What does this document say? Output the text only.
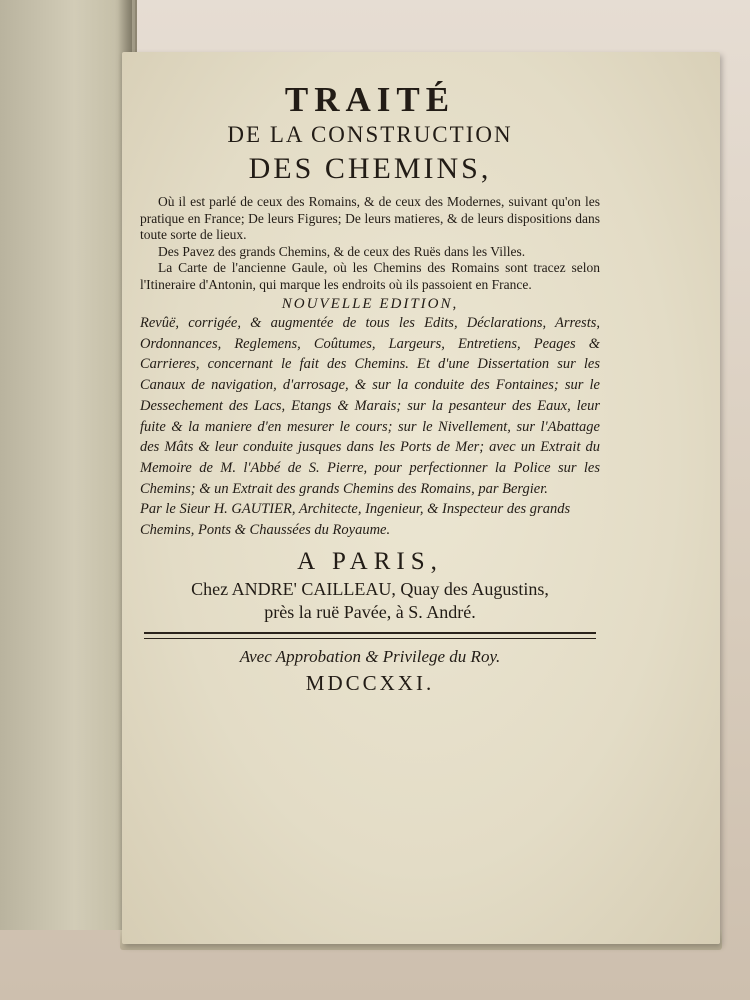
TRAITÉ
DE LA CONSTRUCTION
DES CHEMINS,

Où il est parlé de ceux des Romains, & de ceux des Modernes, suivant qu'on les pratique en France; De leurs Figures; De leurs matieres, & de leurs dispositions dans toute sorte de lieux.

Des Pavez des grands Chemins, & de ceux des Ruës dans les Villes.

La Carte de l'ancienne Gaule, où les Chemins des Romains sont tracez selon l'Itineraire d'Antonin, qui marque les endroits où ils passoient en France.

NOUVELLE EDITION,

Revûë, corrigée, & augmentée de tous les Edits, Déclarations, Arrests, Ordonnances, Reglemens, Coûtumes, Largeurs, Entretiens, Peages & Carrieres, concernant le fait des Chemins. Et d'une Dissertation sur les Canaux de navigation, d'arrosage, & sur la conduite des Fontaines; sur le Dessechement des Lacs, Etangs & Marais; sur la pesanteur des Eaux, leur fuite & la maniere d'en mesurer le cours; sur le Nivellement, sur l'Abattage des Mâts & leur conduite jusques dans les Ports de Mer; avec un Extrait du Memoire de M. l'Abbé de S. Pierre, pour perfectionner la Police sur les Chemins; & un Extrait des grands Chemins des Romains, par Bergier.

Par le Sieur H. GAUTIER, Architecte, Ingenieur, & Inspecteur des grands Chemins, Ponts & Chaussées du Royaume.

A PARIS,
Chez ANDRE' CAILLEAU, Quay des Augustins,
près la ruë Pavée, à S. André.
Avec Approbation & Privilege du Roy.
MDCCXXI.
